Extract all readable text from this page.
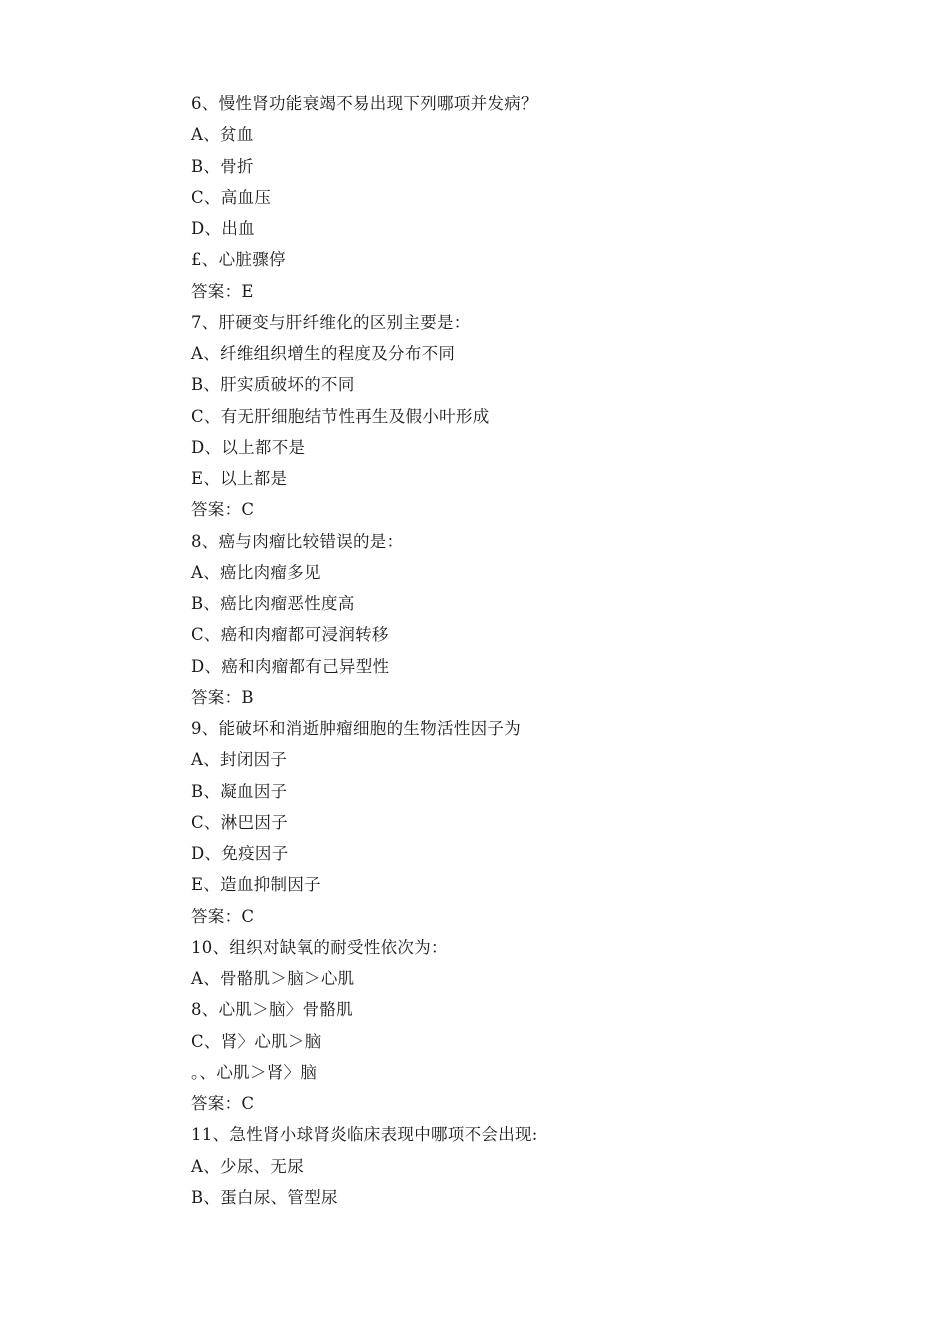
6、慢性肾功能衰竭不易出现下列哪项并发病？
A、贫血
B、骨折
C、高血压
D、出血
£、心脏骤停
答案：E
7、肝硬变与肝纤维化的区别主要是：
A、纤维组织增生的程度及分布不同
B、肝实质破坏的不同
C、有无肝细胞结节性再生及假小叶形成
D、以上都不是
E、以上都是
答案：C
8、癌与肉瘤比较错误的是：
A、癌比肉瘤多见
B、癌比肉瘤恶性度高
C、癌和肉瘤都可浸润转移
D、癌和肉瘤都有己异型性
答案：B
9、能破坏和消逝肿瘤细胞的生物活性因子为
A、封闭因子
B、凝血因子
C、淋巴因子
D、免疫因子
E、造血抑制因子
答案：C
10、组织对缺氧的耐受性依次为：
A、骨骼肌＞脑＞心肌
8、心肌＞脑〉骨骼肌
C、肾〉心肌＞脑
。、心肌＞肾〉脑
答案：C
11、急性肾小球肾炎临床表现中哪项不会出现:
A、少尿、无尿
B、蛋白尿、管型尿
